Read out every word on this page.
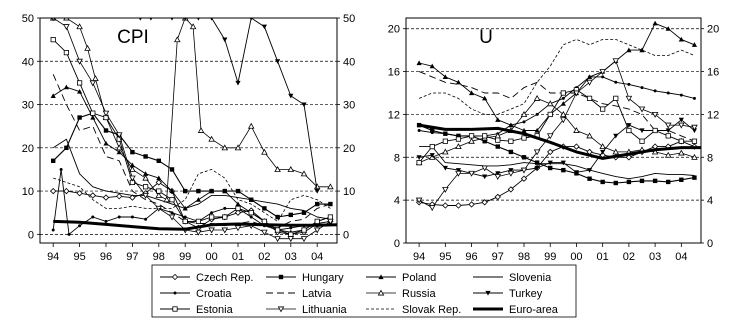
0	0
10	10
20	20
30	30
40	40
50	50
94 95 96 97 98 99 00 01 02 03 04
CPI
0	0
4	4
8	8
12	12
16	16
20	20
94 95 96 97 98 99 00 01 02 03 04
U
Czech Rep.	Hungary	Poland	Slovenia
Croatia	Latvia	Russia	Turkey
Estonia	Lithuania	Slovak Rep.	Euro-area
